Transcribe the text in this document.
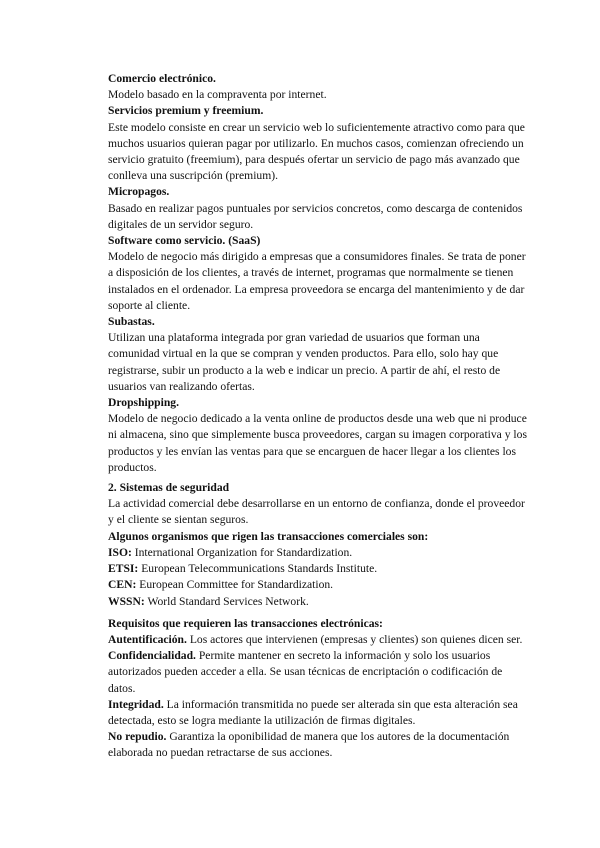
Comercio electrónico.

Modelo basado en la compraventa por internet.

Servicios premium y freemium.

Este modelo consiste en crear un servicio web lo suficientemente atractivo como para que muchos usuarios quieran pagar por utilizarlo. En muchos casos, comienzan ofreciendo un servicio gratuito (freemium), para después ofertar un servicio de pago más avanzado que conlleva una suscripción (premium).

Micropagos.

Basado en realizar pagos puntuales por servicios concretos, como descarga de contenidos digitales de un servidor seguro.

Software como servicio. (SaaS)

Modelo de negocio más dirigido a empresas que a consumidores finales. Se trata de poner a disposición de los clientes, a través de internet, programas que normalmente se tienen instalados en el ordenador. La empresa proveedora se encarga del mantenimiento y de dar soporte al cliente.

Subastas.

Utilizan una plataforma integrada por gran variedad de usuarios que forman una comunidad virtual en la que se compran y venden productos. Para ello, solo hay que registrarse, subir un producto a la web e indicar un precio. A partir de ahí, el resto de usuarios van realizando ofertas.

Dropshipping.

Modelo de negocio dedicado a la venta online de productos desde una web que ni produce ni almacena, sino que simplemente busca proveedores, cargan su imagen corporativa y los productos y les envían las ventas para que se encarguen de hacer llegar a los clientes los productos.

2. Sistemas de seguridad

La actividad comercial debe desarrollarse en un entorno de confianza, donde el proveedor y el cliente se sientan seguros.

Algunos organismos que rigen las transacciones comerciales son:

ISO: International Organization for Standardization.

ETSI: European Telecommunications Standards Institute.

CEN: European Committee for Standardization.

WSSN: World Standard Services Network.

Requisitos que requieren las transacciones electrónicas:

Autentificación. Los actores que intervienen (empresas y clientes) son quienes dicen ser.

Confidencialidad. Permite mantener en secreto la información y solo los usuarios autorizados pueden acceder a ella. Se usan técnicas de encriptación o codificación de datos.

Integridad. La información transmitida no puede ser alterada sin que esta alteración sea detectada, esto se logra mediante la utilización de firmas digitales.

No repudio. Garantiza la oponibilidad de manera que los autores de la documentación elaborada no puedan retractarse de sus acciones.
